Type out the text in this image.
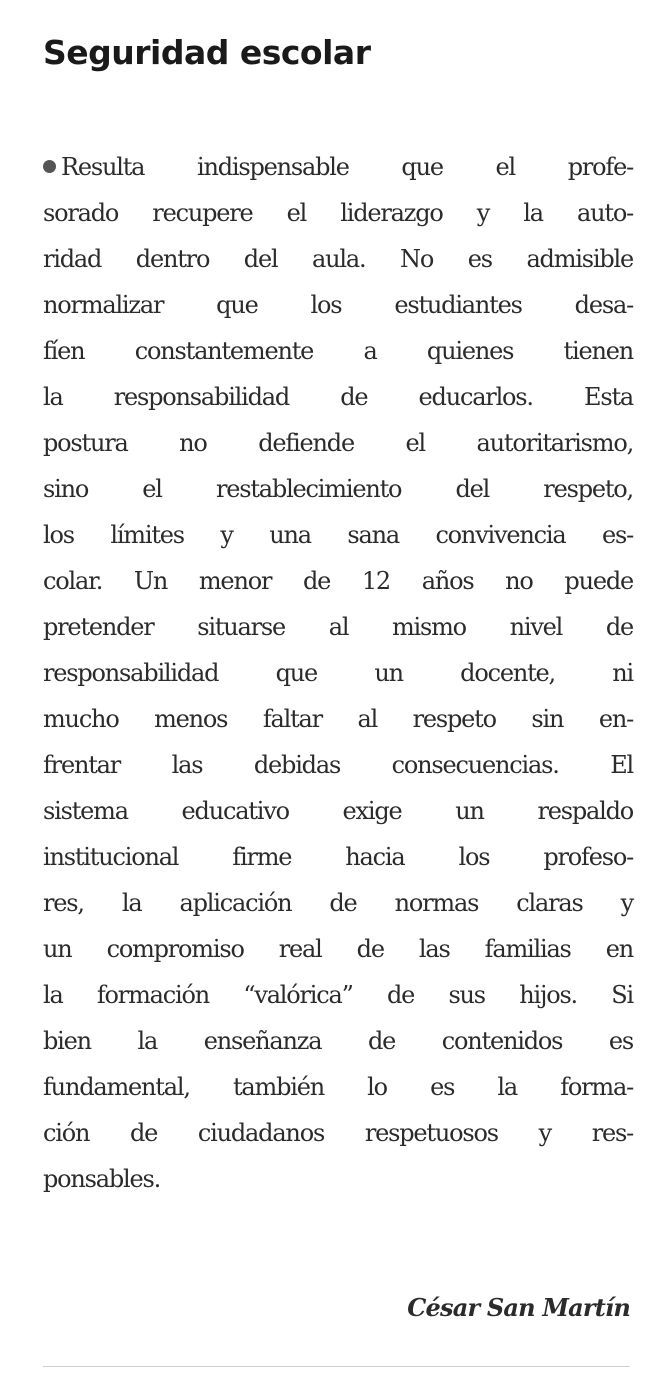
Seguridad escolar
Resulta indispensable que el profe-
sorado recupere el liderazgo y la auto-
ridad dentro del aula. No es admisible
normalizar que los estudiantes desa-
fíen constantemente a quienes tienen
la responsabilidad de educarlos. Esta
postura no defiende el autoritarismo,
sino el restablecimiento del respeto,
los límites y una sana convivencia es-
colar. Un menor de 12 años no puede
pretender situarse al mismo nivel de
responsabilidad que un docente, ni
mucho menos faltar al respeto sin en-
frentar las debidas consecuencias. El
sistema educativo exige un respaldo
institucional firme hacia los profeso-
res, la aplicación de normas claras y
un compromiso real de las familias en
la formación “valórica” de sus hijos. Si
bien la enseñanza de contenidos es
fundamental, también lo es la forma-
ción de ciudadanos respetuosos y res-
ponsables.
César San Martín
